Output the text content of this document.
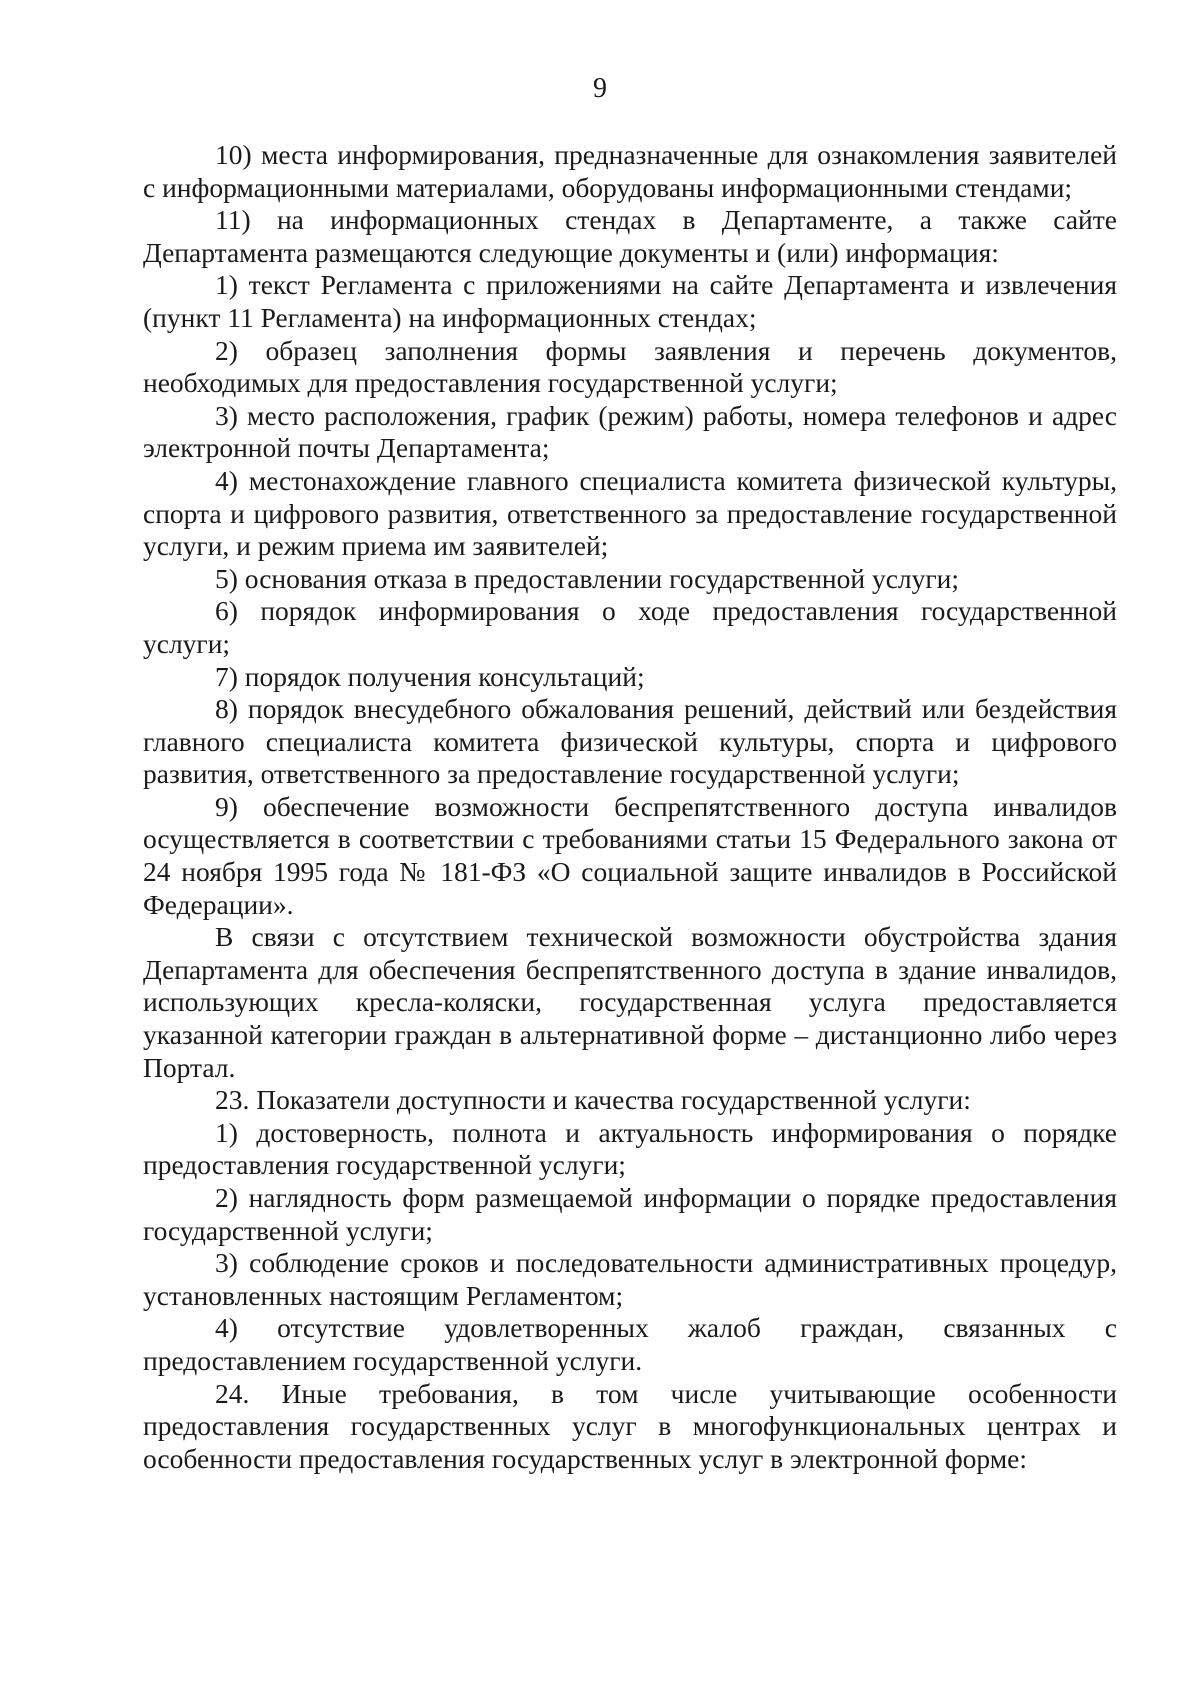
9

10) места информирования, предназначенные для ознакомления заявителей с информационными материалами, оборудованы информационными стендами;

11) на информационных стендах в Департаменте, а также сайте Департамента размещаются следующие документы и (или) информация:

1) текст Регламента с приложениями на сайте Департамента и извлечения (пункт 11 Регламента) на информационных стендах;

2) образец заполнения формы заявления и перечень документов, необходимых для предоставления государственной услуги;

3) место расположения, график (режим) работы, номера телефонов и адрес электронной почты Департамента;

4) местонахождение главного специалиста комитета физической культуры, спорта и цифрового развития, ответственного за предоставление государственной услуги, и режим приема им заявителей;

5) основания отказа в предоставлении государственной услуги;

6) порядок информирования о ходе предоставления государственной услуги;

7) порядок получения консультаций;

8) порядок внесудебного обжалования решений, действий или бездействия главного специалиста комитета физической культуры, спорта и цифрового развития, ответственного за предоставление государственной услуги;

9) обеспечение возможности беспрепятственного доступа инвалидов осуществляется в соответствии с требованиями статьи 15 Федерального закона от 24 ноября 1995 года № 181-ФЗ «О социальной защите инвалидов в Российской Федерации».

В связи с отсутствием технической возможности обустройства здания Департамента для обеспечения беспрепятственного доступа в здание инвалидов, использующих кресла-коляски, государственная услуга предоставляется указанной категории граждан в альтернативной форме – дистанционно либо через Портал.

23. Показатели доступности и качества государственной услуги:

1) достоверность, полнота и актуальность информирования о порядке предоставления государственной услуги;

2) наглядность форм размещаемой информации о порядке предоставления государственной услуги;

3) соблюдение сроков и последовательности административных процедур, установленных настоящим Регламентом;

4) отсутствие удовлетворенных жалоб граждан, связанных с предоставлением государственной услуги.

24. Иные требования, в том числе учитывающие особенности предоставления государственных услуг в многофункциональных центрах и особенности предоставления государственных услуг в электронной форме:
